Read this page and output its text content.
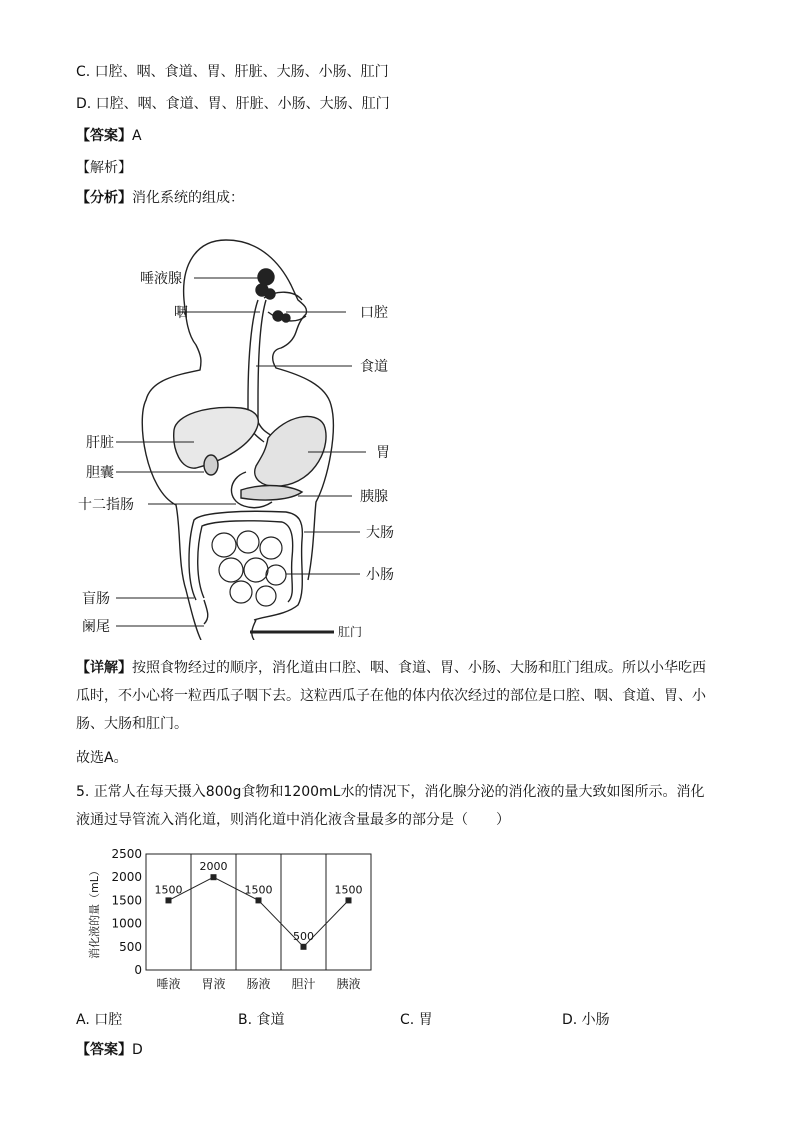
C. 口腔、咽、食道、胃、肝脏、大肠、小肠、肛门
D. 口腔、咽、食道、胃、肝脏、小肠、大肠、肛门
【答案】A
【解析】
【分析】消化系统的组成：
唾液腺
咽
肝脏
胆囊
十二指肠
盲肠
阑尾
口腔
食道
胃
胰腺
大肠
小肠
肛门
【详解】按照食物经过的顺序，消化道由口腔、咽、食道、胃、小肠、大肠和肛门组成。所以小华吃西瓜时，不小心将一粒西瓜子咽下去。这粒西瓜子在他的体内依次经过的部位是口腔、咽、食道、胃、小肠、大肠和肛门。
故选A。
5. 正常人在每天摄入800g食物和1200mL水的情况下，消化腺分泌的消化液的量大致如图所示。消化液通过导管流入消化道，则消化道中消化液含量最多的部分是（　　）
0
500
1000
1500
2000
2500
唾液 胃液 肠液 胆汁 胰液
1500
2000
1500
500
1500
消化液的量（mL）
A. 口腔	B. 食道	C. 胃	D. 小肠
【答案】D
